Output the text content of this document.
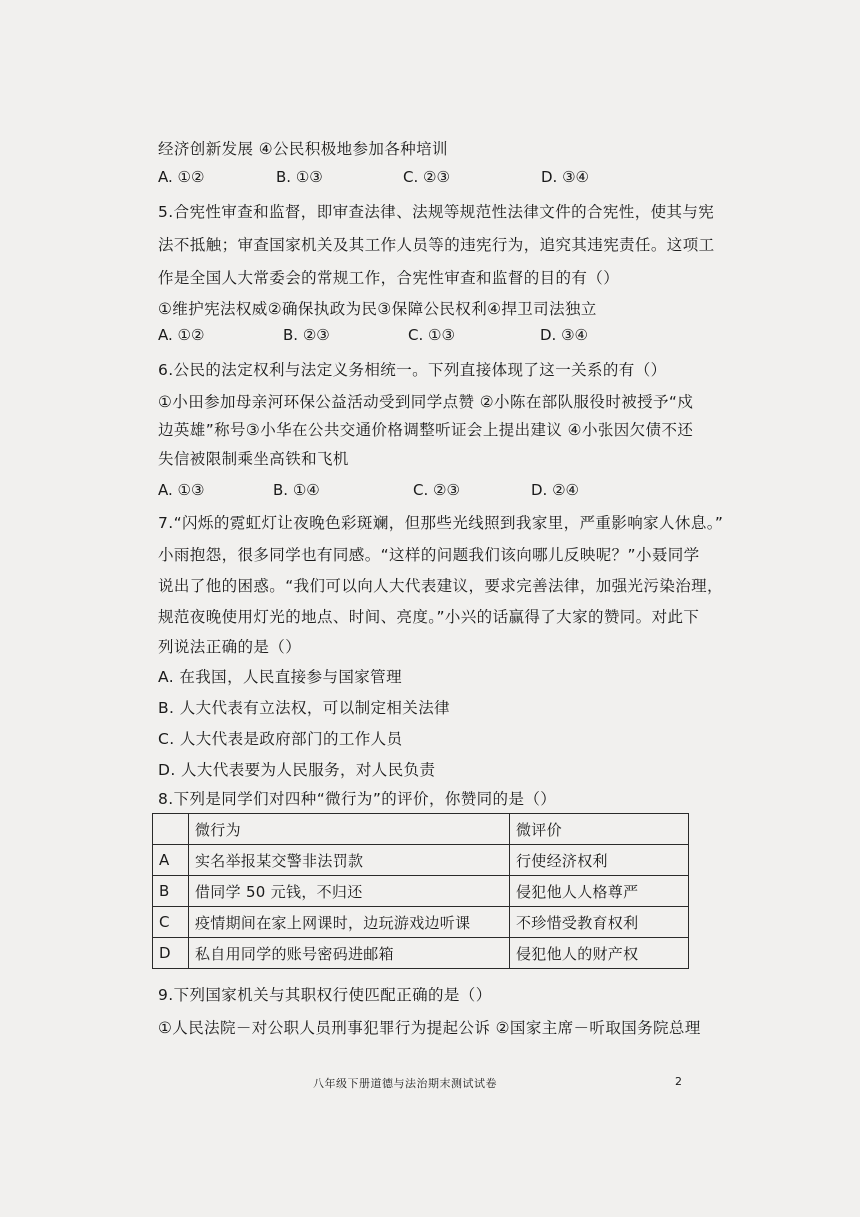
经济创新发展 ④公民积极地参加各种培训
A. ①②	B. ①③	C. ②③	D. ③④
5.合宪性审查和监督，即审查法律、法规等规范性法律文件的合宪性，使其与宪
法不抵触；审查国家机关及其工作人员等的违宪行为，追究其违宪责任。这项工
作是全国人大常委会的常规工作，合宪性审查和监督的目的有（）
①维护宪法权威②确保执政为民③保障公民权利④捍卫司法独立
A. ①②	B. ②③	C. ①③	D. ③④
6.公民的法定权利与法定义务相统一。下列直接体现了这一关系的有（）
①小田参加母亲河环保公益活动受到同学点赞 ②小陈在部队服役时被授予“戍
边英雄”称号③小华在公共交通价格调整听证会上提出建议 ④小张因欠债不还
失信被限制乘坐高铁和飞机
A. ①③	B. ①④	C. ②③	D. ②④
7.“闪烁的霓虹灯让夜晚色彩斑斓，但那些光线照到我家里，严重影响家人休息。”
小雨抱怨，很多同学也有同感。“这样的问题我们该向哪儿反映呢？”小聂同学
说出了他的困惑。“我们可以向人大代表建议，要求完善法律，加强光污染治理，
规范夜晚使用灯光的地点、时间、亮度。”小兴的话赢得了大家的赞同。对此下
列说法正确的是（）
A. 在我国，人民直接参与国家管理
B. 人大代表有立法权，可以制定相关法律
C. 人大代表是政府部门的工作人员
D. 人大代表要为人民服务，对人民负责
8.下列是同学们对四种“微行为”的评价，你赞同的是（）
	微行为	微评价
A	实名举报某交警非法罚款	行使经济权利
B	借同学 50 元钱，不归还	侵犯他人人格尊严
C	疫情期间在家上网课时，边玩游戏边听课	不珍惜受教育权利
D	私自用同学的账号密码进邮箱	侵犯他人的财产权
9.下列国家机关与其职权行使匹配正确的是（）
①人民法院－对公职人员刑事犯罪行为提起公诉 ②国家主席－听取国务院总理
八年级下册道德与法治期末测试试卷	2
